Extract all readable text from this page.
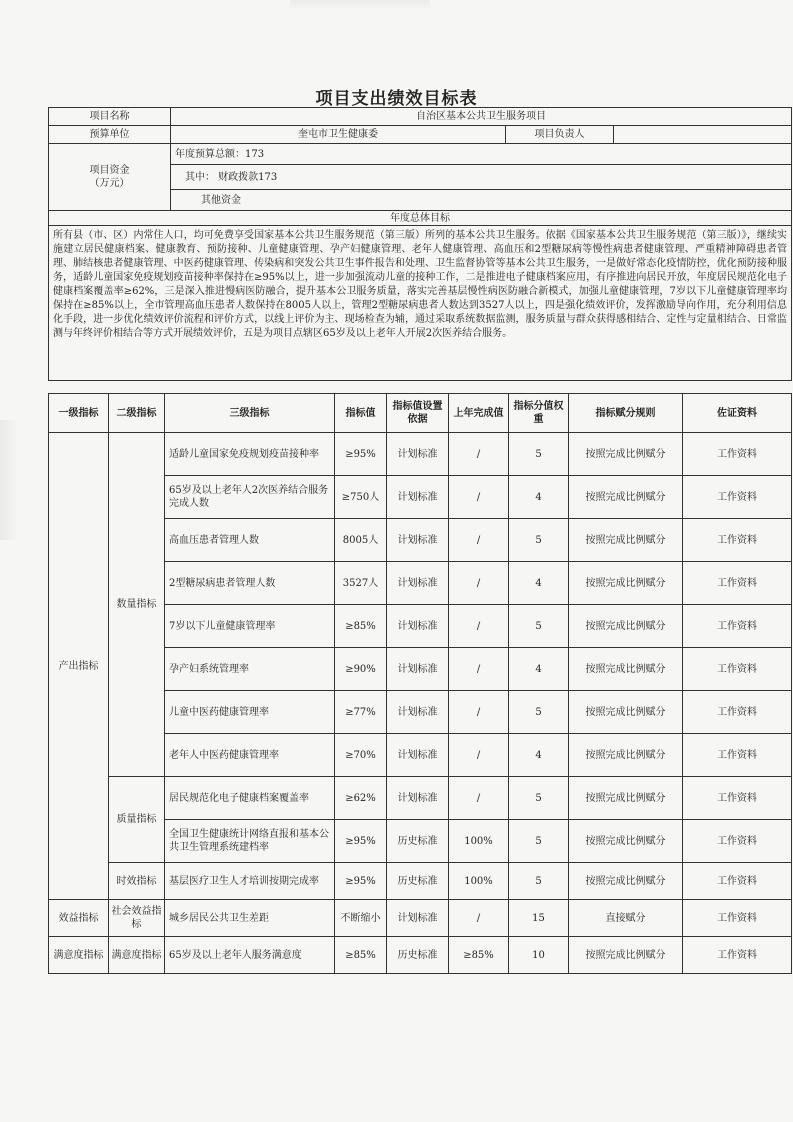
项目支出绩效目标表
项目名称	自治区基本公共卫生服务项目		
预算单位	奎屯市卫生健康委	项目负责人	

项目资金
（万元）	年度预算总额：173		
	其中： 财政拨款173		
	其他资金		
年度总体目标			
所有县（市、区）内常住人口，均可免费享受国家基本公共卫生服务规范（第三版）所列的基本公共卫生服务。依据《国家基本公共卫生服务规范（第三版）》，继续实施建立居民健康档案、健康教育、预防接种、儿童健康管理、孕产妇健康管理、老年人健康管理、高血压和2型糖尿病等慢性病患者健康管理、严重精神障碍患者管理、肺结核患者健康管理、中医药健康管理、传染病和突发公共卫生事件报告和处理、卫生监督协管等基本公共卫生服务，一是做好常态化疫情防控，优化预防接种服务，适龄儿童国家免疫规划疫苗接种率保持在≥95%以上，进一步加强流动儿童的接种工作，二是推进电子健康档案应用，有序推进向居民开放，年度居民规范化电子健康档案覆盖率≥62%，三是深入推进慢病医防融合，提升基本公卫服务质量，落实完善基层慢性病医防融合新模式，加强儿童健康管理，7岁以下儿童健康管理率均保持在≥85%以上，全市管理高血压患者人数保持在8005人以上，管理2型糖尿病患者人数达到3527人以上，四是强化绩效评价，发挥激励导向作用，充分利用信息化手段，进一步优化绩效评价流程和评价方式，以线上评价为主、现场检查为辅，通过采取系统数据监测，服务质量与群众获得感相结合、定性与定量相结合、日常监测与年终评价相结合等方式开展绩效评价，五是为项目点辖区65岁及以上老年人开展2次医养结合服务。			
一级指标	二级指标	三级指标	指标值	指标值设置依据	上年完成值	指标分值权重	指标赋分规则	佐证资料
产出指标	数量指标	适龄儿童国家免疫规划疫苗接种率	≥95%	计划标准	/	5	按照完成比例赋分	工作资料
		65岁及以上老年人2次医养结合服务完成人数	≥750人	计划标准	/	4	按照完成比例赋分	工作资料
		高血压患者管理人数	8005人	计划标准	/	5	按照完成比例赋分	工作资料
		2型糖尿病患者管理人数	3527人	计划标准	/	4	按照完成比例赋分	工作资料
		7岁以下儿童健康管理率	≥85%	计划标准	/	5	按照完成比例赋分	工作资料
		孕产妇系统管理率	≥90%	计划标准	/	4	按照完成比例赋分	工作资料
		儿童中医药健康管理率	≥77%	计划标准	/	5	按照完成比例赋分	工作资料
		老年人中医药健康管理率	≥70%	计划标准	/	4	按照完成比例赋分	工作资料
	质量指标	居民规范化电子健康档案覆盖率	≥62%	计划标准	/	5	按照完成比例赋分	工作资料
		全国卫生健康统计网络直报和基本公共卫生管理系统建档率	≥95%	历史标准	100%	5	按照完成比例赋分	工作资料
	时效指标	基层医疗卫生人才培训按期完成率	≥95%	历史标准	100%	5	按照完成比例赋分	工作资料
效益指标	社会效益指标	城乡居民公共卫生差距	不断缩小	计划标准	/	15	直接赋分	工作资料
满意度指标	满意度指标	65岁及以上老年人服务满意度	≥85%	历史标准	≥85%	10	按照完成比例赋分	工作资料
